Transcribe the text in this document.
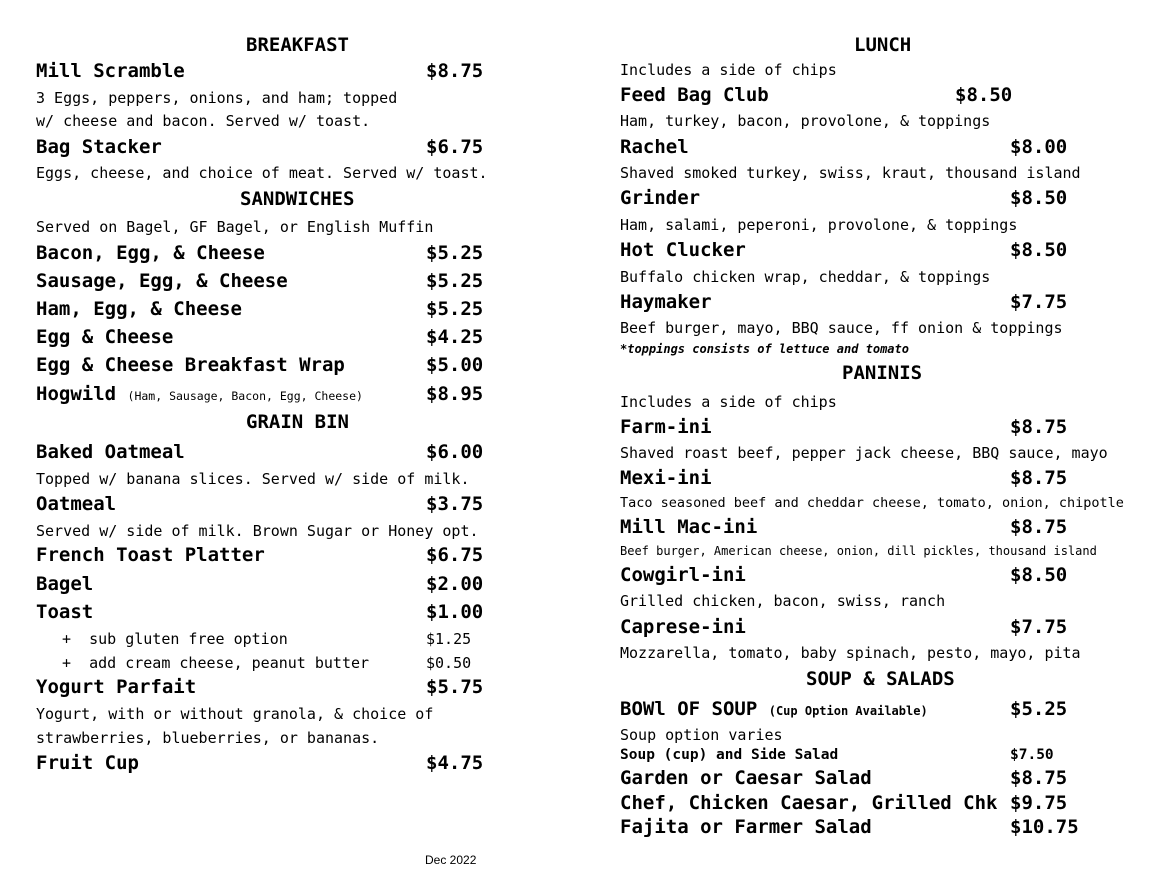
BREAKFAST
Mill Scramble	$8.75
3 Eggs, peppers, onions, and ham; topped
w/ cheese and bacon. Served w/ toast.
Bag Stacker	$6.75
Eggs, cheese, and choice of meat. Served w/ toast.
SANDWICHES
Served on Bagel, GF Bagel, or English Muffin
Bacon, Egg, & Cheese	$5.25
Sausage, Egg, & Cheese	$5.25
Ham, Egg, & Cheese	$5.25
Egg & Cheese	$4.25
Egg & Cheese Breakfast Wrap	$5.00
Hogwild (Ham, Sausage, Bacon, Egg, Cheese)	$8.95
GRAIN BIN
Baked Oatmeal	$6.00
Topped w/ banana slices. Served w/ side of milk.
Oatmeal	$3.75
Served w/ side of milk. Brown Sugar or Honey opt.
French Toast Platter	$6.75
Bagel	$2.00
Toast	$1.00
+  sub gluten free option	$1.25
+  add cream cheese, peanut butter	$0.50
Yogurt Parfait	$5.75
Yogurt, with or without granola, & choice of
strawberries, blueberries, or bananas.
Fruit Cup	$4.75
LUNCH
Includes a side of chips
Feed Bag Club	$8.50
Ham, turkey, bacon, provolone, & toppings
Rachel	$8.00
Shaved smoked turkey, swiss, kraut, thousand island
Grinder	$8.50
Ham, salami, peperoni, provolone, & toppings
Hot Clucker	$8.50
Buffalo chicken wrap, cheddar, & toppings
Haymaker	$7.75
Beef burger, mayo, BBQ sauce, ff onion & toppings
*toppings consists of lettuce and tomato
PANINIS
Includes a side of chips
Farm-ini	$8.75
Shaved roast beef, pepper jack cheese, BBQ sauce, mayo
Mexi-ini	$8.75
Taco seasoned beef and cheddar cheese, tomato, onion, chipotle
Mill Mac-ini	$8.75
Beef burger, American cheese, onion, dill pickles, thousand island
Cowgirl-ini	$8.50
Grilled chicken, bacon, swiss, ranch
Caprese-ini	$7.75
Mozzarella, tomato, baby spinach, pesto, mayo, pita
SOUP & SALADS
BOWl OF SOUP (Cup Option Available)	$5.25
Soup option varies
Soup (cup) and Side Salad	$7.50
Garden or Caesar Salad	$8.75
Chef, Chicken Caesar, Grilled Chk $9.75
Fajita or Farmer Salad	$10.75
Dec 2022
